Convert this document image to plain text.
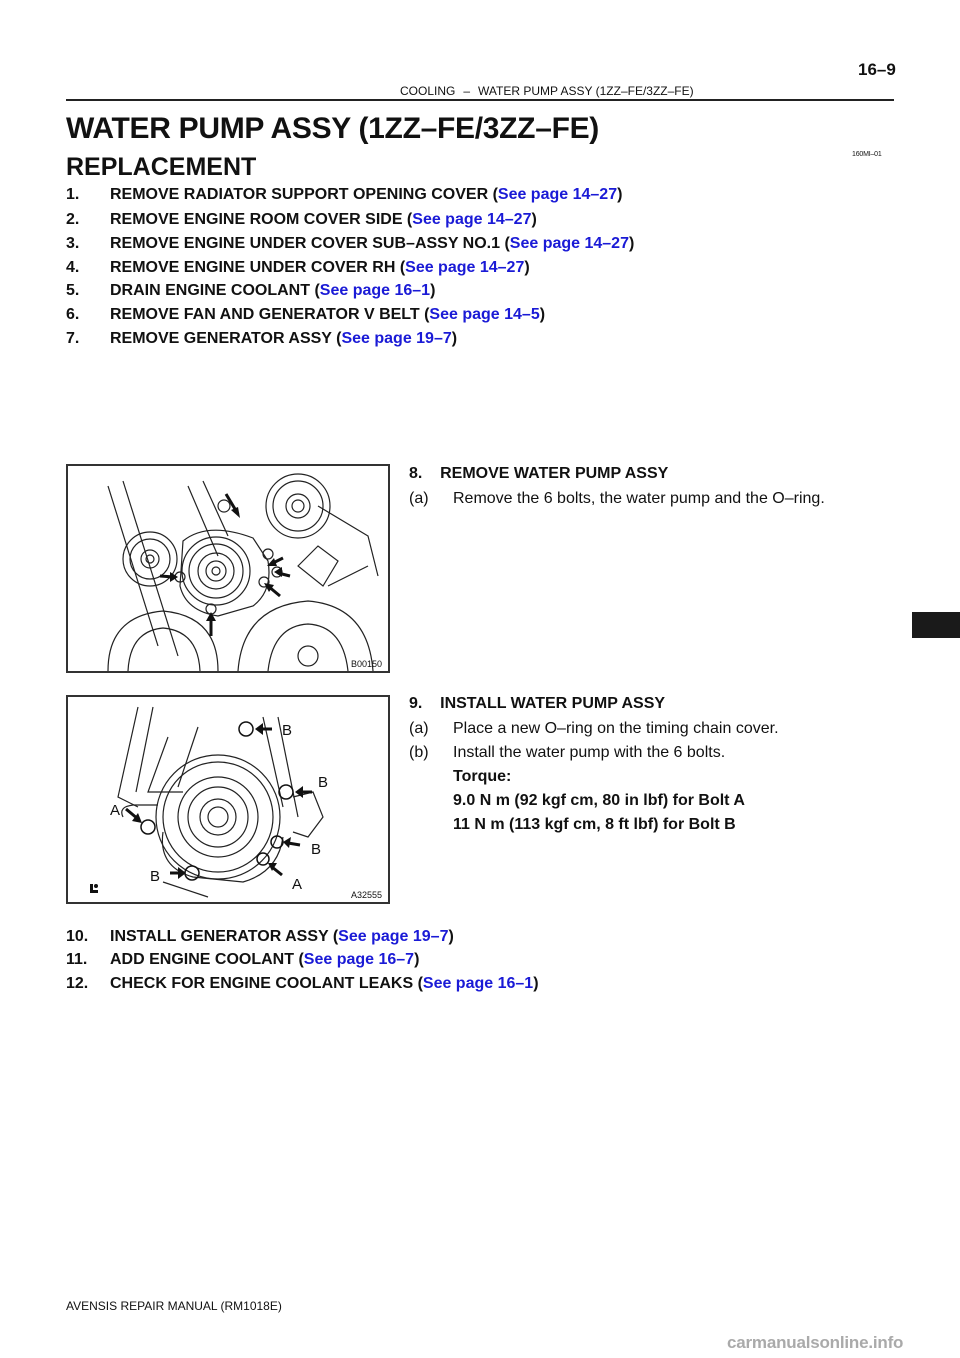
16–9
COOLING – WATER PUMP ASSY (1ZZ–FE/3ZZ–FE)
WATER PUMP ASSY (1ZZ–FE/3ZZ–FE)
160MI–01
REPLACEMENT
1. REMOVE RADIATOR SUPPORT OPENING COVER (See page 14–27)
2. REMOVE ENGINE ROOM COVER SIDE (See page 14–27)
3. REMOVE ENGINE UNDER COVER SUB–ASSY NO.1 (See page 14–27)
4. REMOVE ENGINE UNDER COVER RH (See page 14–27)
5. DRAIN ENGINE COOLANT (See page 16–1)
6. REMOVE FAN AND GENERATOR V BELT (See page 14–5)
7. REMOVE GENERATOR ASSY (See page 19–7)
B00150
8.    REMOVE WATER PUMP ASSY
(a) Remove the 6 bolts, the water pump and the O–ring.
B
B
A
B
B	A
A32555
9.    INSTALL WATER PUMP ASSY
(a) Place a new O–ring on the timing chain cover.
(b) Install the water pump with the 6 bolts.
Torque:
9.0 N m (92 kgf cm, 80 in lbf) for Bolt A
11 N m (113 kgf cm, 8 ft lbf) for Bolt B
10. INSTALL GENERATOR ASSY (See page 19–7)
11. ADD ENGINE COOLANT (See page 16–7)
12. CHECK FOR ENGINE COOLANT LEAKS (See page 16–1)
AVENSIS REPAIR MANUAL (RM1018E)
carmanualsonline.info
